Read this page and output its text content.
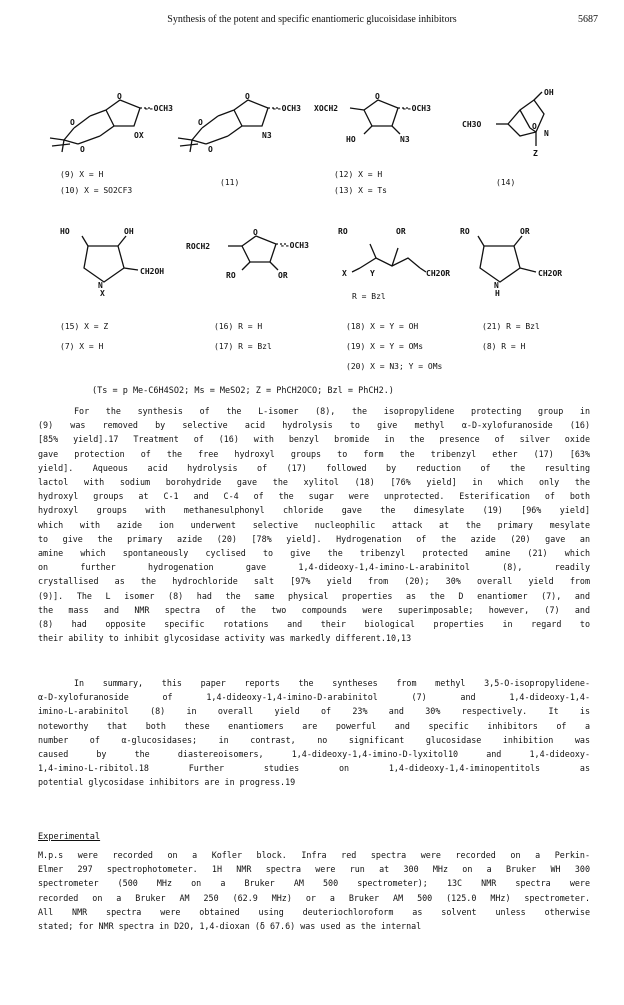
Synthesis of the potent and specific enantiomeric glucoisidase inhibitors	5687
O
--OCH3
OX
O
O
O
--OCH3
N3
O
O
O
XOCH2	--OCH3
HO	N3
OH
CH3O	O
N
Z
HO	OH
N
X
CH2OH
O
ROCH2	--OCH3
RO	OR
RO	OR
X	Y	CH2OR
RO	OR
N
H
CH2OR
(9) X = H
(10) X = SO2CF3
(11)
(12) X = H
(13) X = Ts
(14)
R = Bzl
(15) X = Z
(7) X = H
(16) R = H
(17) R = Bzl
(18) X = Y = OH
(19) X = Y = OMs
(20) X = N3; Y = OMs
(21) R = Bzl
(8) R = H
(Ts = p Me-C6H4SO2; Ms = MeSO2; Z = PhCH2OCO; Bzl = PhCH2.)

For the synthesis of the L-isomer (8), the isopropylidene protecting group in

(9) was removed by selective acid hydrolysis to give methyl α-D-xylofuranoside (16)

[85% yield].17 Treatment of (16) with benzyl bromide in the presence of silver oxide

gave protection of the free hydroxyl groups to form the tribenzyl ether (17) [63%

yield]. Aqueous acid hydrolysis of (17) followed by reduction of the resulting

lactol with sodium borohydride gave the xylitol (18) [76% yield] in which only the

hydroxyl groups at C-1 and C-4 of the sugar were unprotected. Esterification of both

hydroxyl groups with methanesulphonyl chloride gave the dimesylate (19) [96% yield]

which with azide ion underwent selective nucleophilic attack at the primary mesylate

to give the primary azide (20) [78% yield]. Hydrogenation of the azide (20) gave an

amine which spontaneously cyclised to give the tribenzyl protected amine (21) which

on further hydrogenation gave 1,4-dideoxy-1,4-imino-L-arabinitol (8), readily

crystallised as the hydrochloride salt [97% yield from (20); 30% overall yield from

(9)]. The L isomer (8) had the same physical properties as the D enantiomer (7), and

the mass and NMR spectra of the two compounds were superimposable; however, (7) and

(8) had opposite specific rotations and their biological properties in regard to

their ability to inhibit glycosidase activity was markedly different.10,13

In summary, this paper reports the syntheses from methyl 3,5-O-isopropylidene-

α-D-xylofuranoside of 1,4-dideoxy-1,4-imino-D-arabinitol (7) and 1,4-dideoxy-1,4-

imino-L-arabinitol (8) in overall yield of 23% and 30% respectively. It is

noteworthy that both these enantiomers are powerful and specific inhibitors of a

number of α-glucosidases; in contrast, no significant glucosidase inhibition was

caused by the diastereoisomers, 1,4-dideoxy-1,4-imino-D-lyxitol10 and 1,4-dideoxy-

1,4-imino-L-ribitol.18 Further studies on 1,4-dideoxy-1,4-iminopentitols as

potential glycosidase inhibitors are in progress.19

Experimental

M.p.s were recorded on a Kofler block. Infra red spectra were recorded on a Perkin-

Elmer 297 spectrophotometer. 1H NMR spectra were run at 300 MHz on a Bruker WH 300

spectrometer (500 MHz on a Bruker AM 500 spectrometer); 13C NMR spectra were

recorded on a Bruker AM 250 (62.9 MHz) or a Bruker AM 500 (125.0 MHz) spectrometer.

All NMR spectra were obtained using deuteriochloroform as solvent unless otherwise

stated; for NMR spectra in D2O, 1,4-dioxan (δ 67.6) was used as the internal
